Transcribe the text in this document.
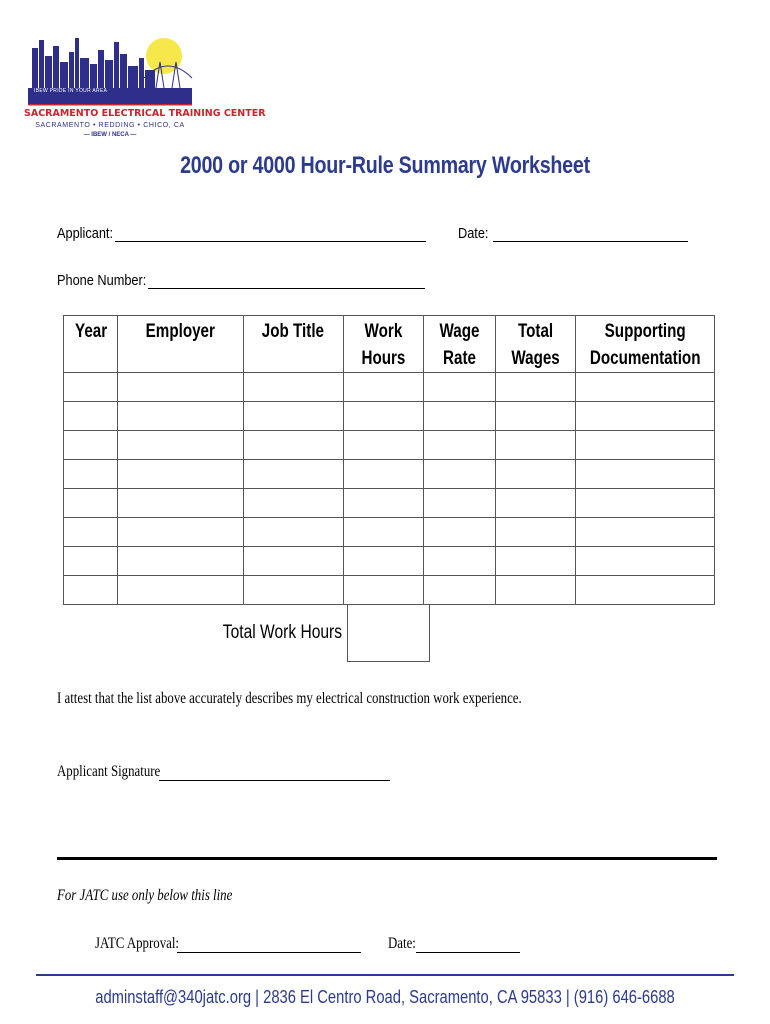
IBEW PRIDE IN YOUR AREA
SACRAMENTO ELECTRICAL TRAINING CENTER
SACRAMENTO • REDDING • CHICO, CA
— IBEW / NECA —
2000 or 4000 Hour-Rule Summary Worksheet
Applicant:	Date:
Phone Number:
Year	Employer	Job Title	Work Hours	Wage Rate	Total Wages	Supporting Documentation

Total Work Hours
I attest that the list above accurately describes my electrical construction work experience.
Applicant Signature
For JATC use only below this line
JATC Approval:	Date:
adminstaff@340jatc.org | 2836 El Centro Road, Sacramento, CA 95833 | (916) 646-6688
